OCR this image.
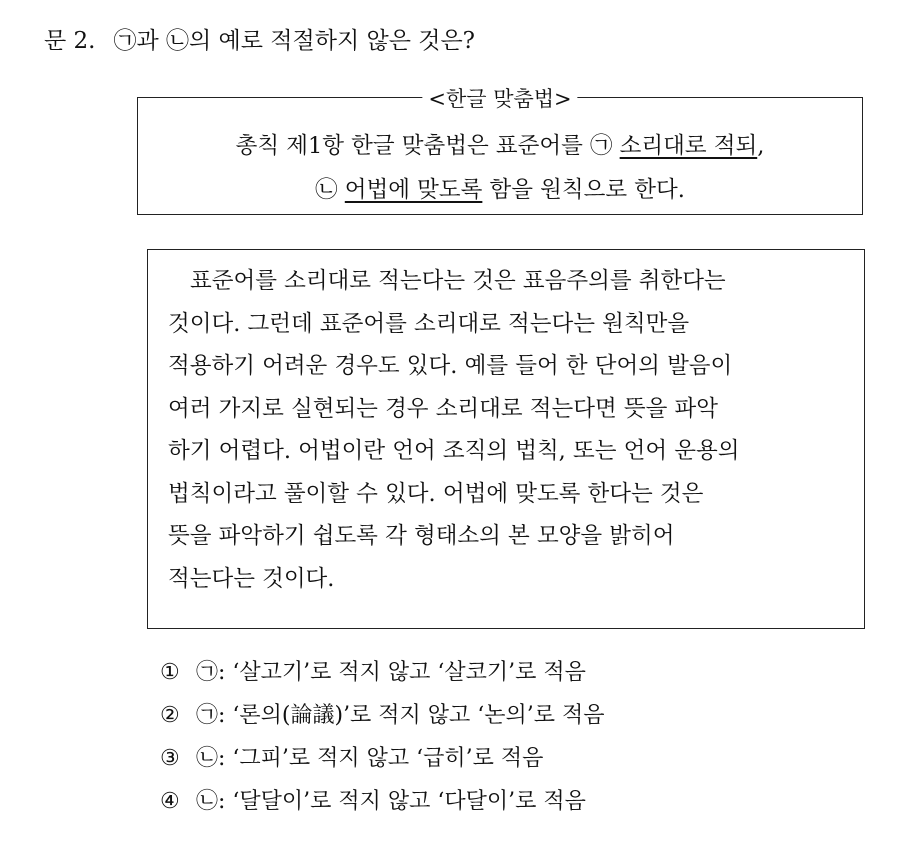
문 2. ㉠과 ㉡의 예로 적절하지 않은 것은?
<한글 맞춤법>
총칙 제1항 한글 맞춤법은 표준어를 ㉠ 소리대로 적되,
㉡ 어법에 맞도록 함을 원칙으로 한다.
표준어를 소리대로 적는다는 것은 표음주의를 취한다는
것이다. 그런데 표준어를 소리대로 적는다는 원칙만을
적용하기 어려운 경우도 있다. 예를 들어 한 단어의 발음이
여러 가지로 실현되는 경우 소리대로 적는다면 뜻을 파악
하기 어렵다. 어법이란 언어 조직의 법칙, 또는 언어 운용의
법칙이라고 풀이할 수 있다. 어법에 맞도록 한다는 것은
뜻을 파악하기 쉽도록 각 형태소의 본 모양을 밝히어
적는다는 것이다.
① ㉠: ‘살고기’로 적지 않고 ‘살코기’로 적음
② ㉠: ‘론의(論議)’로 적지 않고 ‘논의’로 적음
③ ㉡: ‘그피’로 적지 않고 ‘급히’로 적음
④ ㉡: ‘달달이’로 적지 않고 ‘다달이’로 적음
